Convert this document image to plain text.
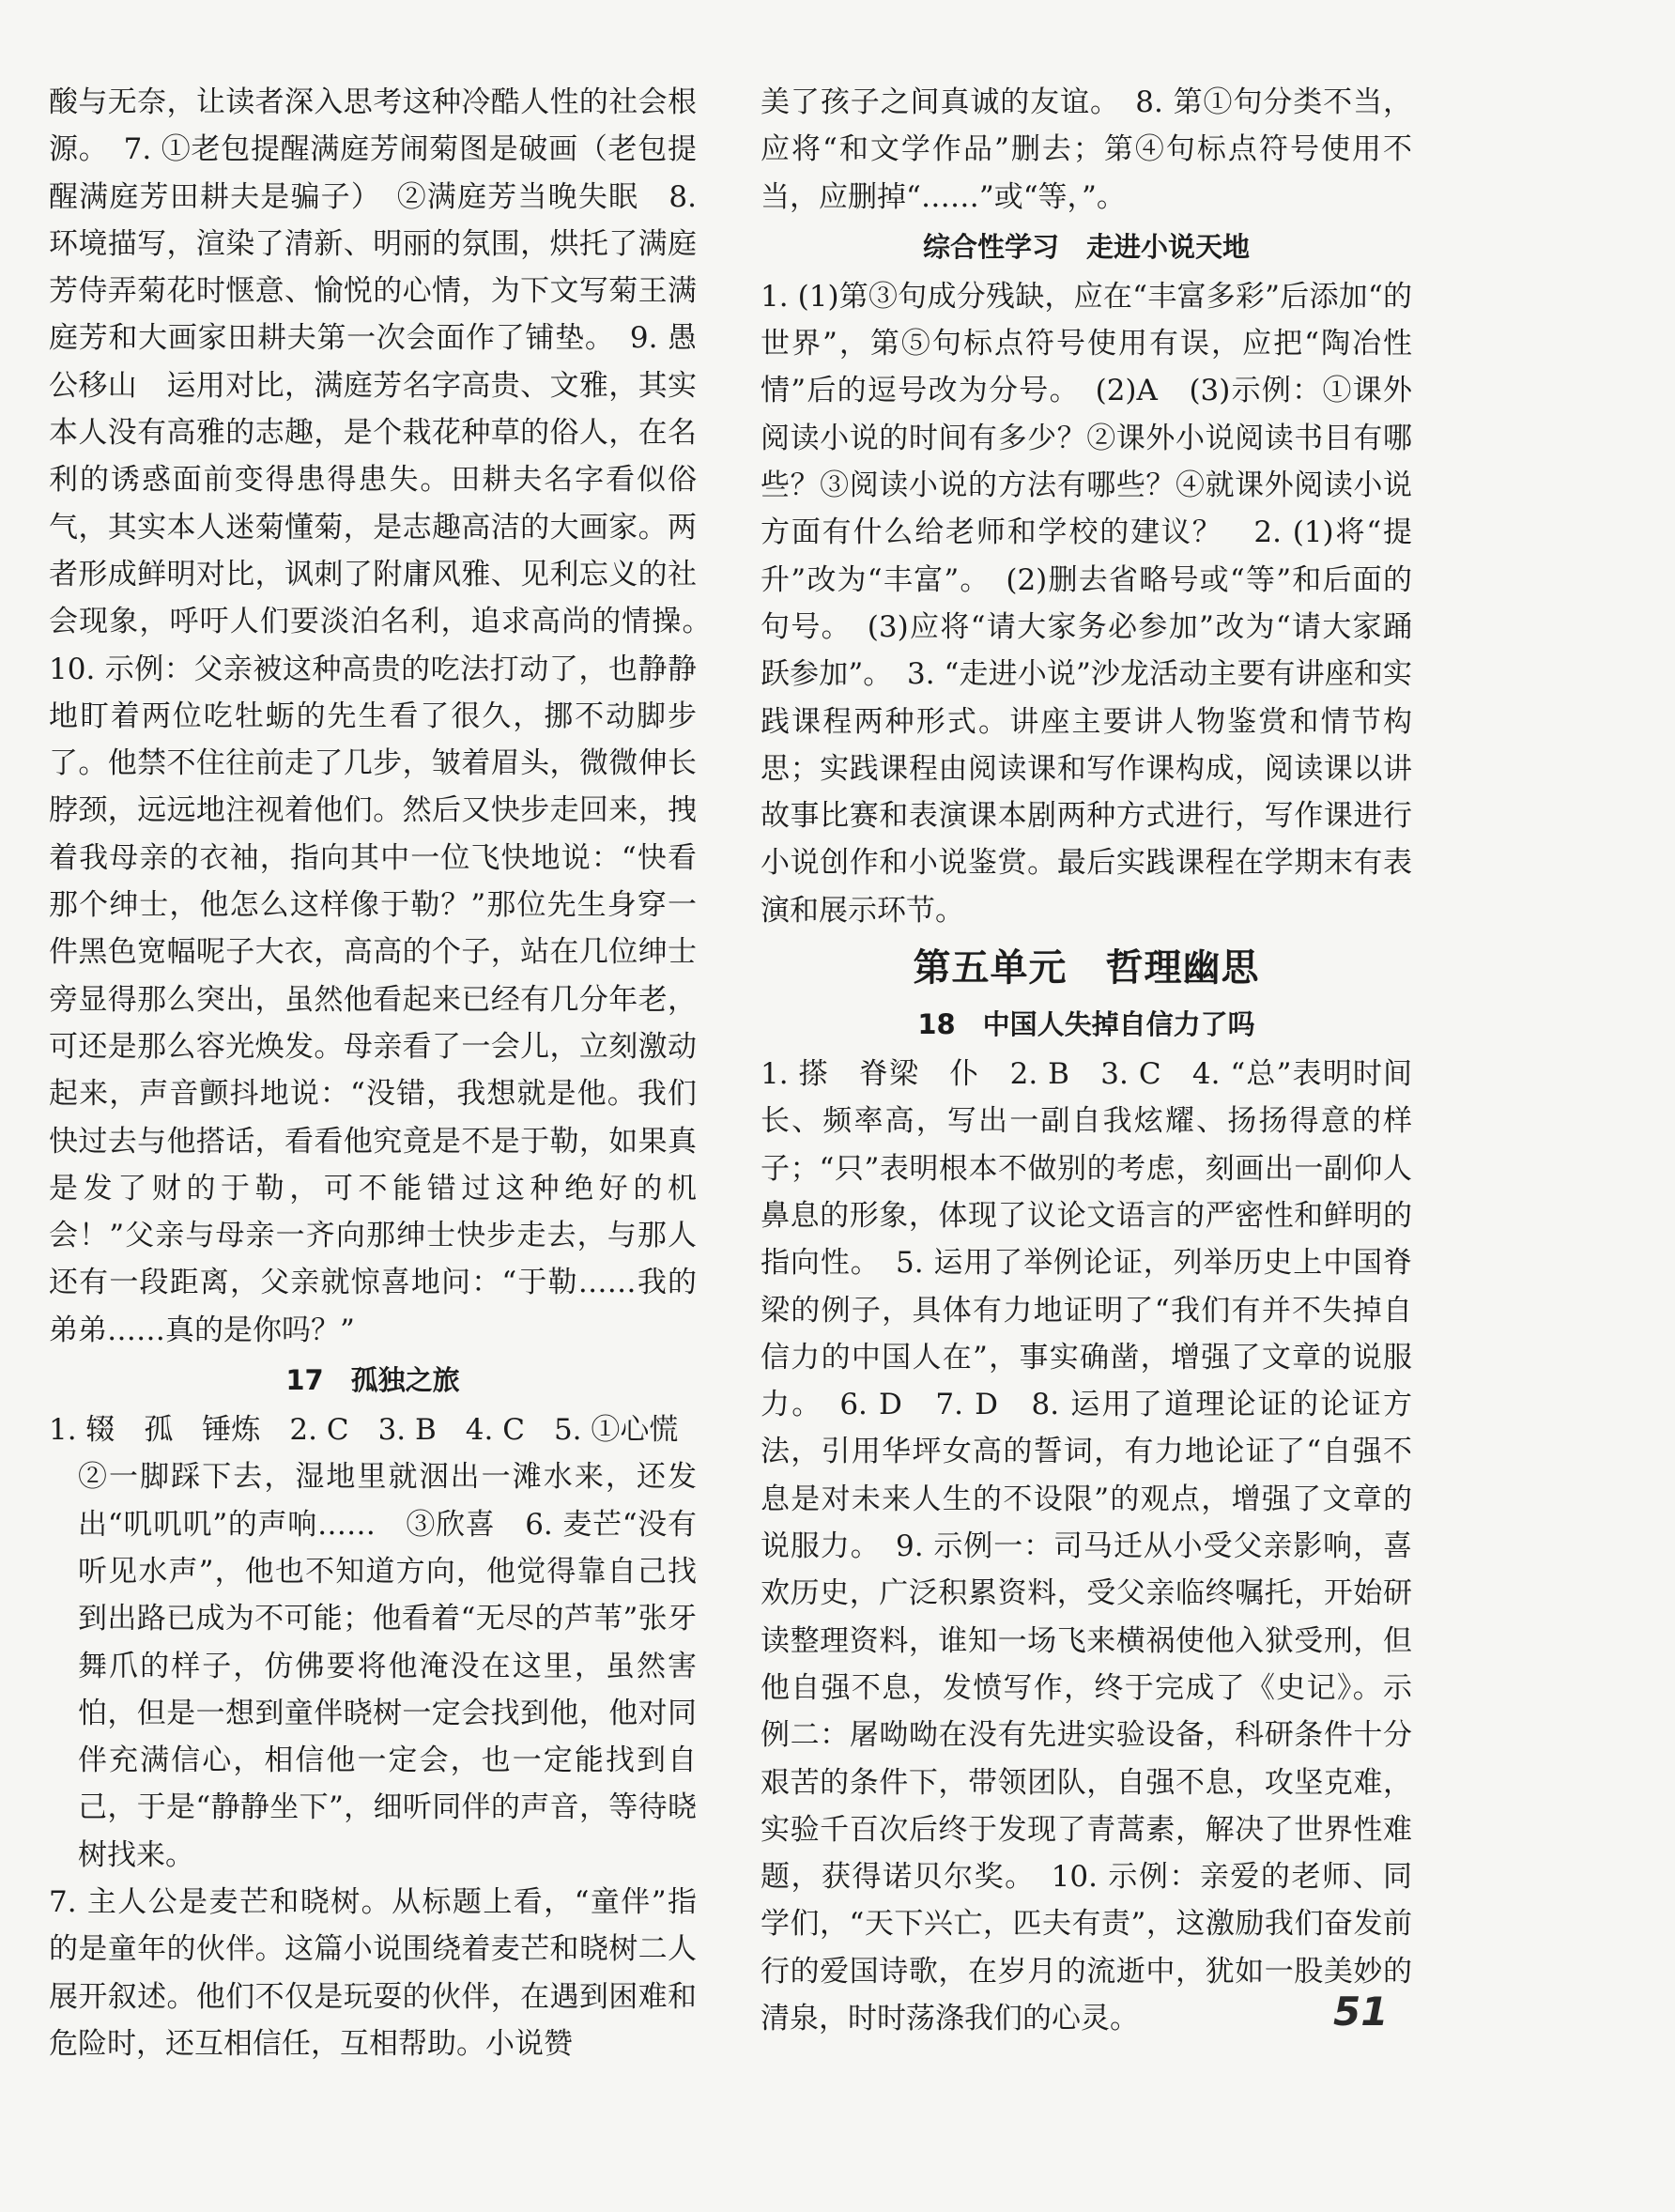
酸与无奈，让读者深入思考这种冷酷人性的社会根源。　7. ①老包提醒满庭芳闹菊图是破画（老包提醒满庭芳田耕夫是骗子）　②满庭芳当晚失眠　8. 环境描写，渲染了清新、明丽的氛围，烘托了满庭芳侍弄菊花时惬意、愉悦的心情，为下文写菊王满庭芳和大画家田耕夫第一次会面作了铺垫。　9. 愚公移山　运用对比，满庭芳名字高贵、文雅，其实本人没有高雅的志趣，是个栽花种草的俗人，在名利的诱惑面前变得患得患失。田耕夫名字看似俗气，其实本人迷菊懂菊，是志趣高洁的大画家。两者形成鲜明对比，讽刺了附庸风雅、见利忘义的社会现象，呼吁人们要淡泊名利，追求高尚的情操。　10. 示例：父亲被这种高贵的吃法打动了，也静静地盯着两位吃牡蛎的先生看了很久，挪不动脚步了。他禁不住往前走了几步，皱着眉头，微微伸长脖颈，远远地注视着他们。然后又快步走回来，拽着我母亲的衣袖，指向其中一位飞快地说：“快看那个绅士，他怎么这样像于勒？”那位先生身穿一件黑色宽幅呢子大衣，高高的个子，站在几位绅士旁显得那么突出，虽然他看起来已经有几分年老，可还是那么容光焕发。母亲看了一会儿，立刻激动起来，声音颤抖地说：“没错，我想就是他。我们快过去与他搭话，看看他究竟是不是于勒，如果真是发了财的于勒，可不能错过这种绝好的机会！”父亲与母亲一齐向那绅士快步走去，与那人还有一段距离，父亲就惊喜地问：“于勒……我的弟弟……真的是你吗？”

17　孤独之旅

1. 辍　孤　锤炼　2. C　3. B　4. C　5. ①心慌

②一脚踩下去，湿地里就洇出一滩水来，还发出“叽叽叽”的声响……　③欣喜　6. 麦芒“没有听见水声”，他也不知道方向，他觉得靠自己找到出路已成为不可能；他看着“无尽的芦苇”张牙舞爪的样子，仿佛要将他淹没在这里，虽然害怕，但是一想到童伴晓树一定会找到他，他对同伴充满信心，相信他一定会，也一定能找到自己，于是“静静坐下”，细听同伴的声音，等待晓树找来。

7. 主人公是麦芒和晓树。从标题上看，“童伴”指的是童年的伙伴。这篇小说围绕着麦芒和晓树二人展开叙述。他们不仅是玩耍的伙伴，在遇到困难和危险时，还互相信任，互相帮助。小说赞

美了孩子之间真诚的友谊。　8. 第①句分类不当，应将“和文学作品”删去；第④句标点符号使用不当，应删掉“……”或“等，”。

综合性学习　走进小说天地

1. (1)第③句成分残缺，应在“丰富多彩”后添加“的世界”，第⑤句标点符号使用有误，应把“陶冶性情”后的逗号改为分号。　(2)A　(3)示例：①课外阅读小说的时间有多少？②课外小说阅读书目有哪些？③阅读小说的方法有哪些？④就课外阅读小说方面有什么给老师和学校的建议？　2. (1)将“提升”改为“丰富”。　(2)删去省略号或“等”和后面的句号。　(3)应将“请大家务必参加”改为“请大家踊跃参加”。　3. “走进小说”沙龙活动主要有讲座和实践课程两种形式。讲座主要讲人物鉴赏和情节构思；实践课程由阅读课和写作课构成，阅读课以讲故事比赛和表演课本剧两种方式进行，写作课进行小说创作和小说鉴赏。最后实践课程在学期末有表演和展示环节。

第五单元　哲理幽思

18　中国人失掉自信力了吗

1. 搽　脊梁　仆　2. B　3. C　4. “总”表明时间长、频率高，写出一副自我炫耀、扬扬得意的样子；“只”表明根本不做别的考虑，刻画出一副仰人鼻息的形象，体现了议论文语言的严密性和鲜明的指向性。　5. 运用了举例论证，列举历史上中国脊梁的例子，具体有力地证明了“我们有并不失掉自信力的中国人在”，事实确凿，增强了文章的说服力。　6. D　7. D　8. 运用了道理论证的论证方法，引用华坪女高的誓词，有力地论证了“自强不息是对未来人生的不设限”的观点，增强了文章的说服力。　9. 示例一：司马迁从小受父亲影响，喜欢历史，广泛积累资料，受父亲临终嘱托，开始研读整理资料，谁知一场飞来横祸使他入狱受刑，但他自强不息，发愤写作，终于完成了《史记》。示例二：屠呦呦在没有先进实验设备，科研条件十分艰苦的条件下，带领团队，自强不息，攻坚克难，实验千百次后终于发现了青蒿素，解决了世界性难题，获得诺贝尔奖。　10. 示例：亲爱的老师、同学们，“天下兴亡，匹夫有责”，这激励我们奋发前行的爱国诗歌，在岁月的流逝中，犹如一股美妙的清泉，时时荡涤我们的心灵。	51
